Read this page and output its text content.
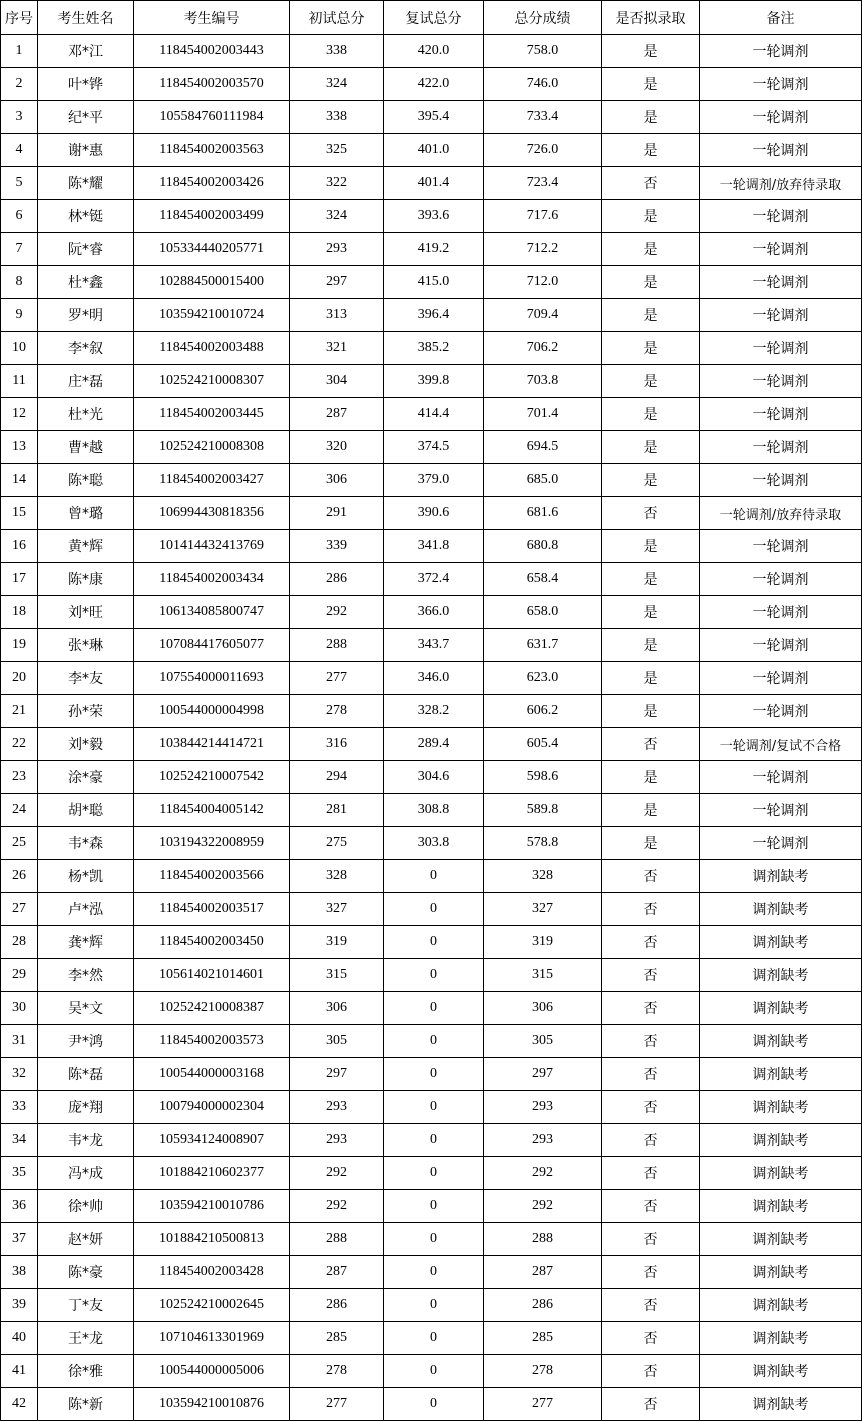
序号	考生姓名	考生编号	初试总分	复试总分	总分成绩	是否拟录取	备注
1	邓*江	118454002003443	338	420.0	758.0	是	一轮调剂
2	叶*铧	118454002003570	324	422.0	746.0	是	一轮调剂
3	纪*平	105584760111984	338	395.4	733.4	是	一轮调剂
4	谢*惠	118454002003563	325	401.0	726.0	是	一轮调剂
5	陈*耀	118454002003426	322	401.4	723.4	否	一轮调剂/放弃待录取
6	林*铤	118454002003499	324	393.6	717.6	是	一轮调剂
7	阮*睿	105334440205771	293	419.2	712.2	是	一轮调剂
8	杜*鑫	102884500015400	297	415.0	712.0	是	一轮调剂
9	罗*明	103594210010724	313	396.4	709.4	是	一轮调剂
10	李*叙	118454002003488	321	385.2	706.2	是	一轮调剂
11	庄*磊	102524210008307	304	399.8	703.8	是	一轮调剂
12	杜*光	118454002003445	287	414.4	701.4	是	一轮调剂
13	曹*越	102524210008308	320	374.5	694.5	是	一轮调剂
14	陈*聪	118454002003427	306	379.0	685.0	是	一轮调剂
15	曾*璐	106994430818356	291	390.6	681.6	否	一轮调剂/放弃待录取
16	黄*辉	101414432413769	339	341.8	680.8	是	一轮调剂
17	陈*康	118454002003434	286	372.4	658.4	是	一轮调剂
18	刘*旺	106134085800747	292	366.0	658.0	是	一轮调剂
19	张*琳	107084417605077	288	343.7	631.7	是	一轮调剂
20	李*友	107554000011693	277	346.0	623.0	是	一轮调剂
21	孙*荣	100544000004998	278	328.2	606.2	是	一轮调剂
22	刘*毅	103844214414721	316	289.4	605.4	否	一轮调剂/复试不合格
23	涂*豪	102524210007542	294	304.6	598.6	是	一轮调剂
24	胡*聪	118454004005142	281	308.8	589.8	是	一轮调剂
25	韦*森	103194322008959	275	303.8	578.8	是	一轮调剂
26	杨*凯	118454002003566	328	0	328	否	调剂缺考
27	卢*泓	118454002003517	327	0	327	否	调剂缺考
28	龚*辉	118454002003450	319	0	319	否	调剂缺考
29	李*然	105614021014601	315	0	315	否	调剂缺考
30	吴*文	102524210008387	306	0	306	否	调剂缺考
31	尹*鸿	118454002003573	305	0	305	否	调剂缺考
32	陈*磊	100544000003168	297	0	297	否	调剂缺考
33	庞*翔	100794000002304	293	0	293	否	调剂缺考
34	韦*龙	105934124008907	293	0	293	否	调剂缺考
35	冯*成	101884210602377	292	0	292	否	调剂缺考
36	徐*帅	103594210010786	292	0	292	否	调剂缺考
37	赵*妍	101884210500813	288	0	288	否	调剂缺考
38	陈*豪	118454002003428	287	0	287	否	调剂缺考
39	丁*友	102524210002645	286	0	286	否	调剂缺考
40	王*龙	107104613301969	285	0	285	否	调剂缺考
41	徐*雅	100544000005006	278	0	278	否	调剂缺考
42	陈*新	103594210010876	277	0	277	否	调剂缺考
